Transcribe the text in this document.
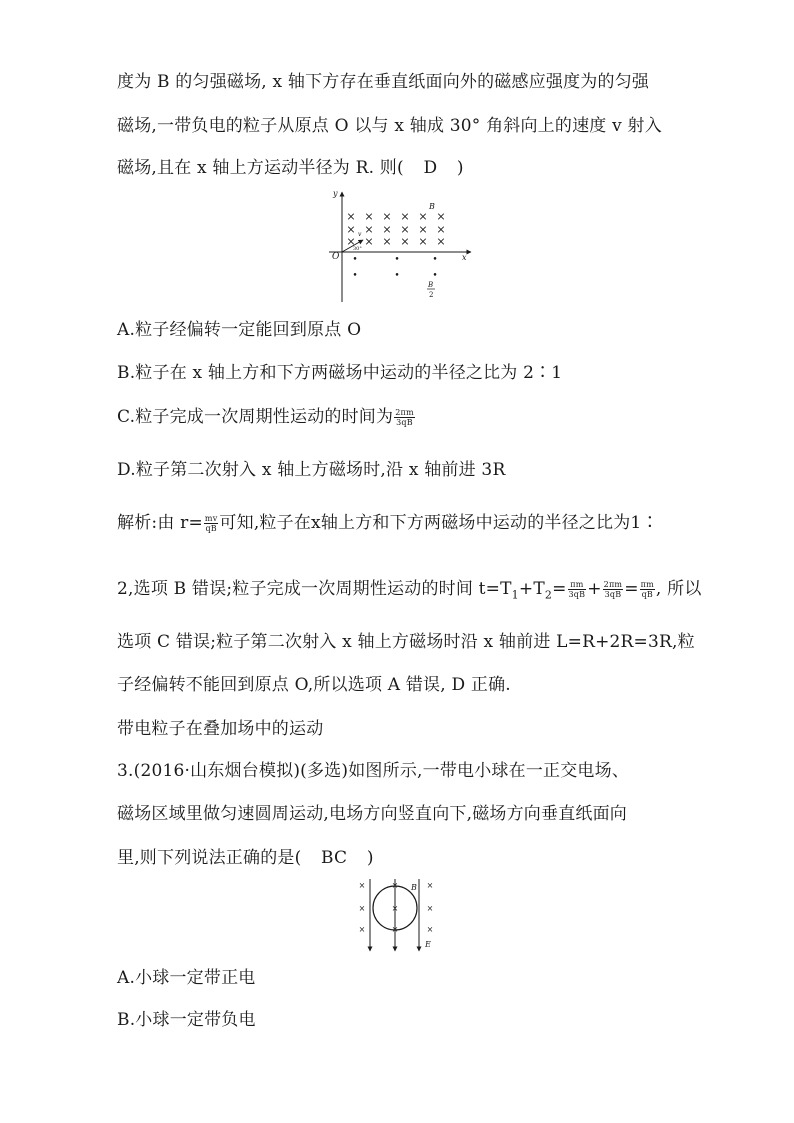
度为 B 的匀强磁场, x 轴下方存在垂直纸面向外的磁感应强度为的匀强
磁场,一带负电的粒子从原点 O 以与 x 轴成 30° 角斜向上的速度 v 射入
磁场,且在 x 轴上方运动半径为 R. 则( D )
y
x
O
× × × × × ×
× × × × × ×
× × × × × ×
B
v
30°
•	•	•
•	•	•
B
2
A.粒子经偏转一定能回到原点 O
B.粒子在 x 轴上方和下方两磁场中运动的半径之比为 2∶1
C.粒子完成一次周期性运动的时间为 $\frac{2\pi m}{3qB}$
D.粒子第二次射入 x 轴上方磁场时,沿 x 轴前进 3R
解析:由 $r= \frac{mv}{qB}$ 可知,粒子在x轴上方和下方两磁场中运动的半径之比为1∶
2,选项 B 错误;粒子完成一次周期性运动的时间 $t=T_1+T_2= \frac{\pi m}{3qB} + \frac{2\pi m}{3qB} = \frac{\pi m}{qB}$ , 所以
选项 C 错误;粒子第二次射入 x 轴上方磁场时沿 x 轴前进 L=R+2R=3R,粒
子经偏转不能回到原点 O,所以选项 A 错误, D 正确.
带电粒子在叠加场中的运动
3.(2016·山东烟台模拟)(多选)如图所示,一带电小球在一正交电场、
磁场区域里做匀速圆周运动,电场方向竖直向下,磁场方向垂直纸面向
里,则下列说法正确的是( BC )
×
×
×
×
×
×
×
×
×
B
E
A.小球一定带正电
B.小球一定带负电
